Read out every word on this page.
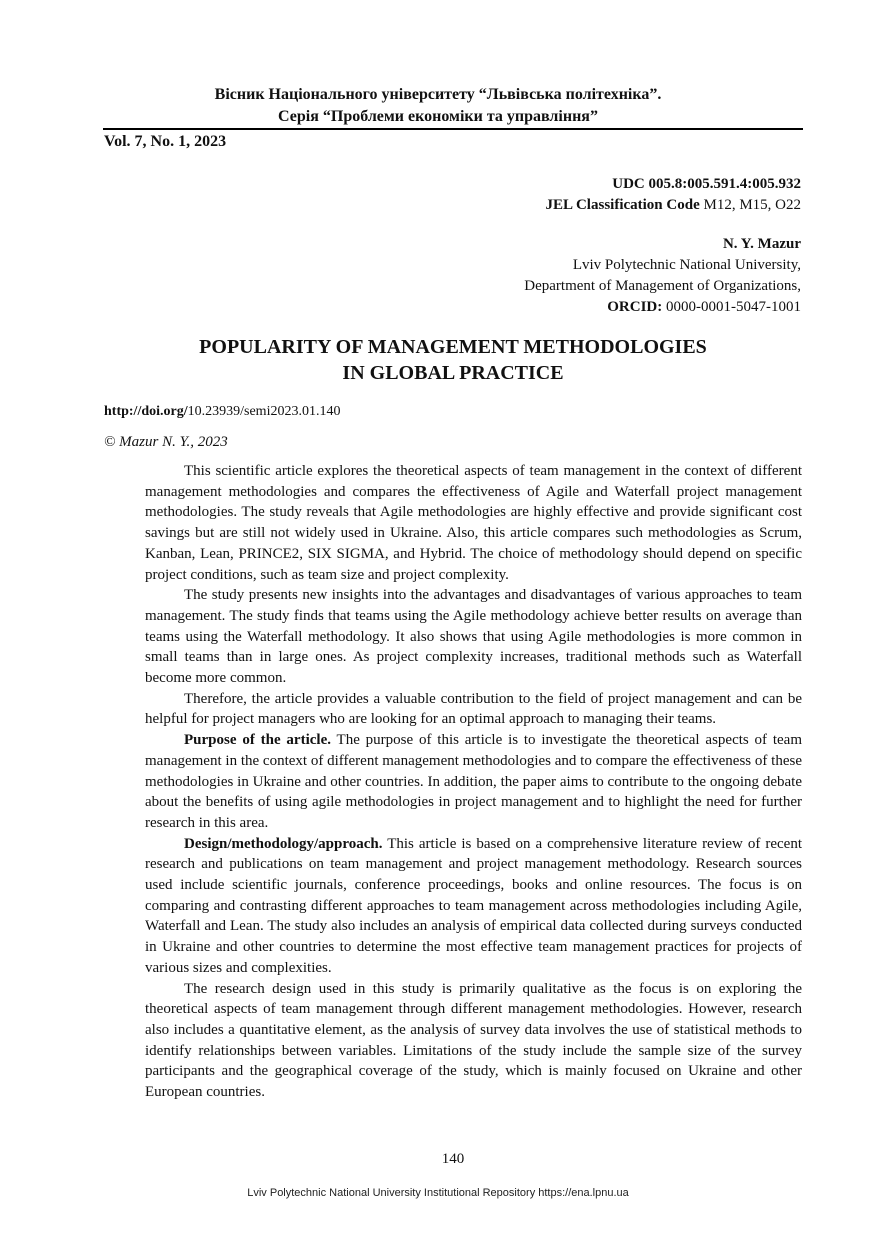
Вісник Національного університету “Львівська політехніка”.
Серія “Проблеми економіки та управління”
Vol. 7, No. 1, 2023
UDC 005.8:005.591.4:005.932
JEL Classification Code M12, M15, O22
N. Y. Mazur
Lviv Polytechnic National University,
Department of Management of Organizations,
ORCID: 0000-0001-5047-1001
POPULARITY OF MANAGEMENT METHODOLOGIES
IN GLOBAL PRACTICE
http://doi.org/10.23939/semi2023.01.140
© Mazur N. Y., 2023

This scientific article explores the theoretical aspects of team management in the context of different management methodologies and compares the effectiveness of Agile and Waterfall project management methodologies. The study reveals that Agile methodologies are highly effective and provide significant cost savings but are still not widely used in Ukraine. Also, this article compares such methodologies as Scrum, Kanban, Lean, PRINCE2, SIX SIGMA, and Hybrid. The choice of methodology should depend on specific project conditions, such as team size and project complexity.

The study presents new insights into the advantages and disadvantages of various approaches to team management. The study finds that teams using the Agile methodology achieve better results on average than teams using the Waterfall methodology. It also shows that using Agile methodologies is more common in small teams than in large ones. As project complexity increases, traditional methods such as Waterfall become more common.

Therefore, the article provides a valuable contribution to the field of project management and can be helpful for project managers who are looking for an optimal approach to managing their teams.

Purpose of the article. The purpose of this article is to investigate the theoretical aspects of team management in the context of different management methodologies and to compare the effectiveness of these methodologies in Ukraine and other countries. In addition, the paper aims to contribute to the ongoing debate about the benefits of using agile methodologies in project management and to highlight the need for further research in this area.

Design/methodology/approach. This article is based on a comprehensive literature review of recent research and publications on team management and project management methodology. Research sources used include scientific journals, conference proceedings, books and online resources. The focus is on comparing and contrasting different approaches to team management across methodologies including Agile, Waterfall and Lean. The study also includes an analysis of empirical data collected during surveys conducted in Ukraine and other countries to determine the most effective team management practices for projects of various sizes and complexities.

The research design used in this study is primarily qualitative as the focus is on exploring the theoretical aspects of team management through different management methodologies. However, research also includes a quantitative element, as the analysis of survey data involves the use of statistical methods to identify relationships between variables. Limitations of the study include the sample size of the survey participants and the geographical coverage of the study, which is mainly focused on Ukraine and other European countries.

140
Lviv Polytechnic National University Institutional Repository https://ena.lpnu.ua
